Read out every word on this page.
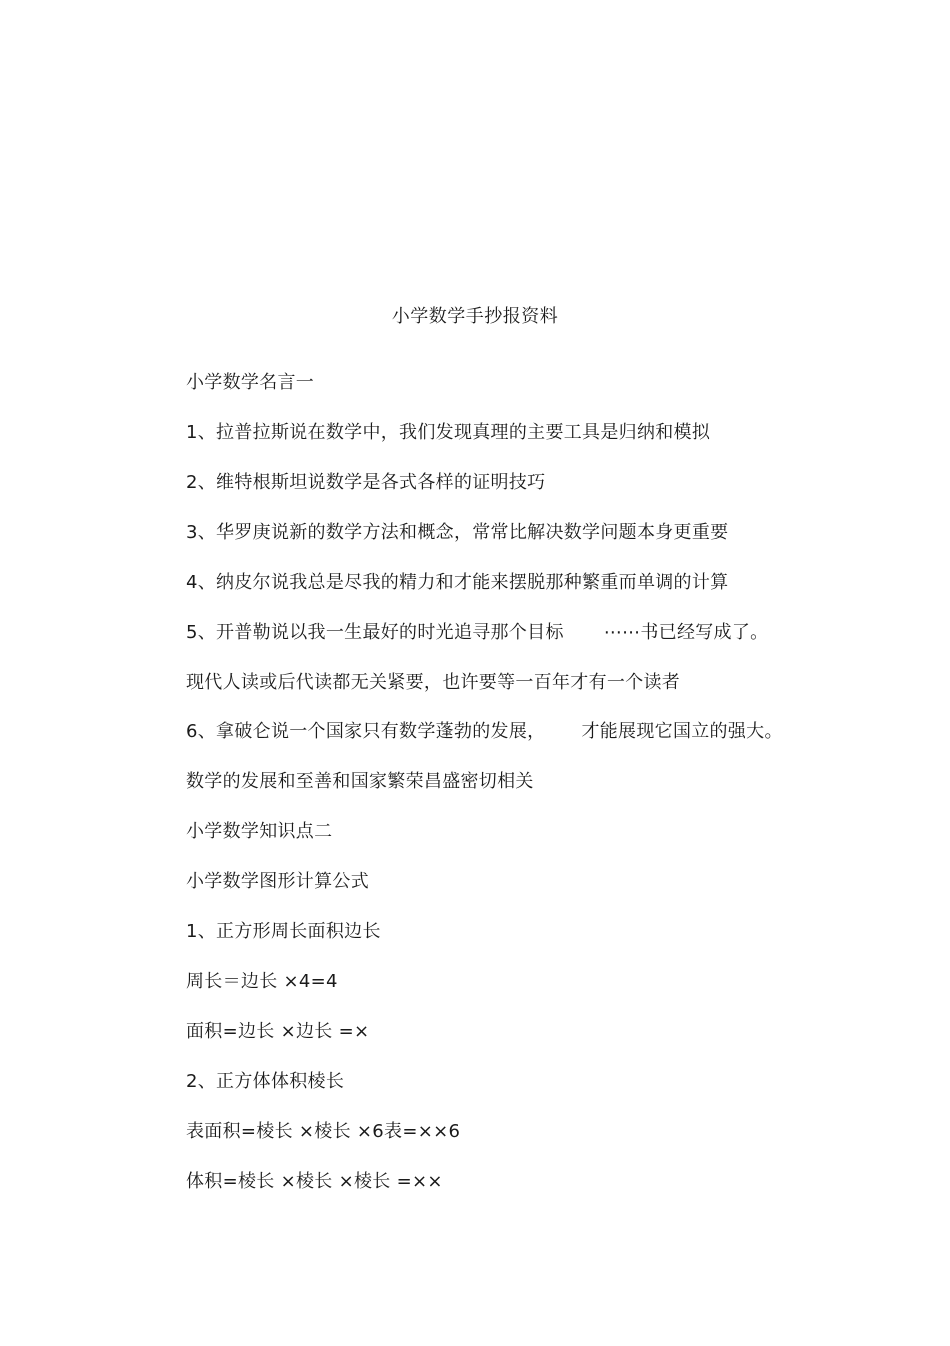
小学数学手抄报资料
小学数学名言一
1、拉普拉斯说在数学中，我们发现真理的主要工具是归纳和模拟
2、维特根斯坦说数学是各式各样的证明技巧
3、华罗庚说新的数学方法和概念，常常比解决数学问题本身更重要
4、纳皮尔说我总是尽我的精力和才能来摆脱那种繁重而单调的计算
5、开普勒说以我一生最好的时光追寻那个目标 ⋯⋯书已经写成了。
现代人读或后代读都无关紧要，也许要等一百年才有一个读者
6、拿破仑说一个国家只有数学蓬勃的发展， 才能展现它国立的强大。
数学的发展和至善和国家繁荣昌盛密切相关
小学数学知识点二
小学数学图形计算公式
1、正方形周长面积边长
周长＝边长 ×4=4
面积=边长 ×边长 =×
2、正方体体积棱长
表面积=棱长 ×棱长 ×6表=××6
体积=棱长 ×棱长 ×棱长 =××
